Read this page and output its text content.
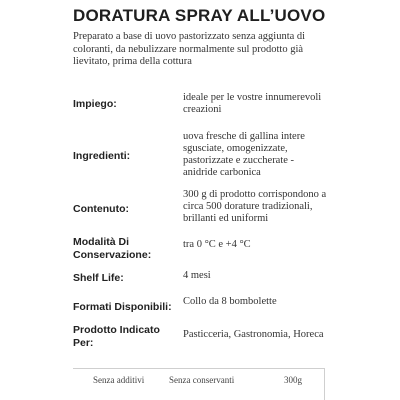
DORATURA SPRAY ALL’UOVO

Preparato a base di uovo pastorizzato senza aggiunta di coloranti, da nebulizzare normalmente sul prodotto già lievitato, prima della cottura

Impiego:
ideale per le vostre innumerevoli creazioni
Ingredienti:
uova fresche di gallina intere sgusciate, omogenizzate, pastorizzate e zuccherate - anidride carbonica
Contenuto:
300 g di prodotto corrispondono a circa 500 dorature tradizionali, brillanti ed uniformi
Modalità Di Conservazione:
tra 0 °C e +4 °C
Shelf Life:	4 mesi
Formati Disponibili:	Collo da 8 bombolette
Prodotto Indicato Per:
Pasticceria, Gastronomia, Horeca
Senza additivi	Senza conservanti	300g
